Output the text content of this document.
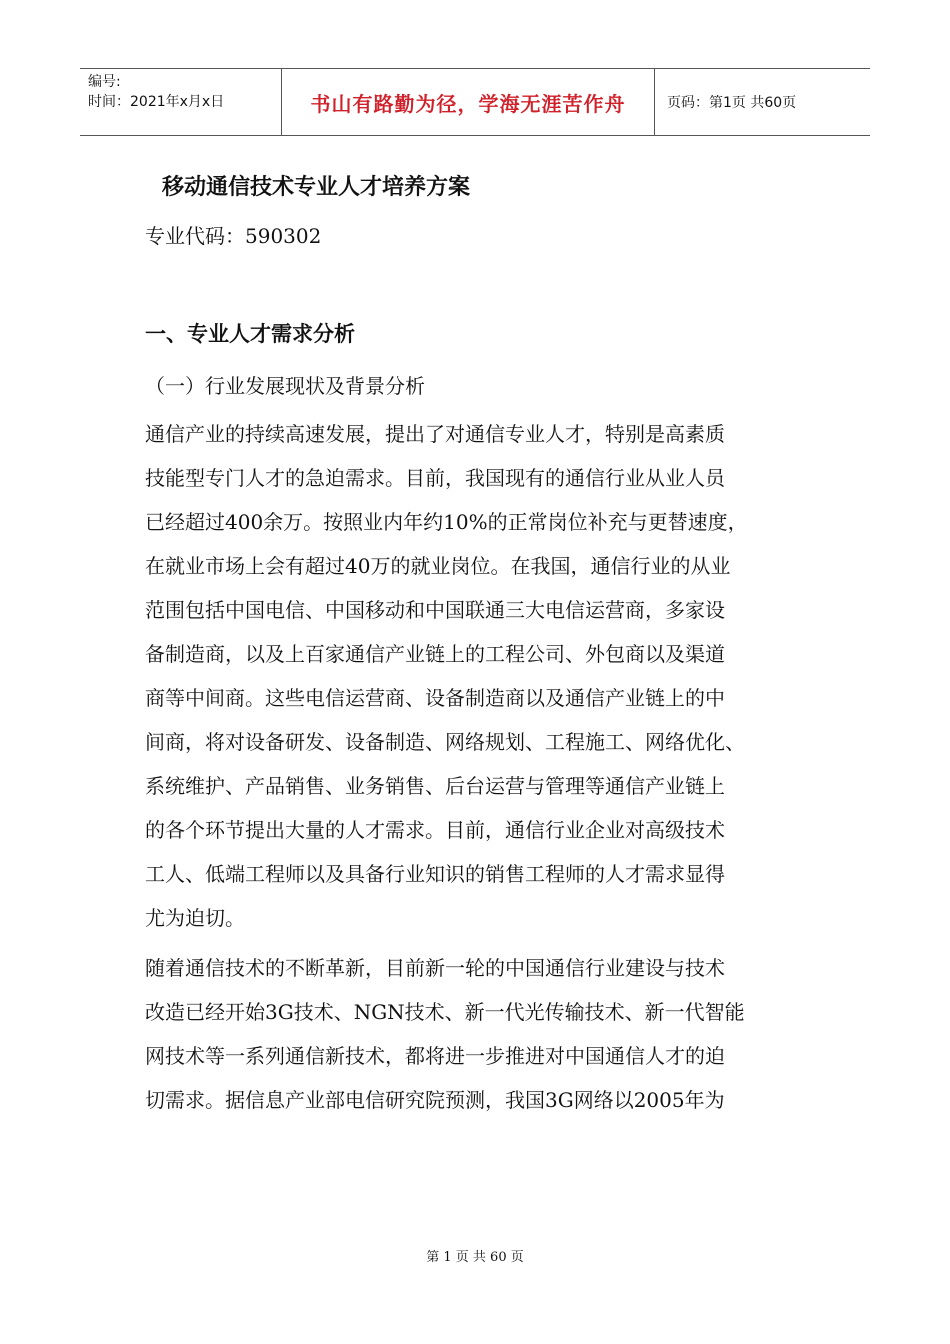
编号:
时间：2021年x月x日	书山有路勤为径，学海无涯苦作舟	页码：第1页 共60页
移动通信技术专业人才培养方案
专业代码：590302
一、专业人才需求分析
（一）行业发展现状及背景分析
通信产业的持续高速发展，提出了对通信专业人才，特别是高素质
技能型专门人才的急迫需求。目前，我国现有的通信行业从业人员
已经超过400余万。按照业内年约10%的正常岗位补充与更替速度，
在就业市场上会有超过40万的就业岗位。在我国，通信行业的从业
范围包括中国电信、中国移动和中国联通三大电信运营商，多家设
备制造商，以及上百家通信产业链上的工程公司、外包商以及渠道
商等中间商。这些电信运营商、设备制造商以及通信产业链上的中
间商，将对设备研发、设备制造、网络规划、工程施工、网络优化、
系统维护、产品销售、业务销售、后台运营与管理等通信产业链上
的各个环节提出大量的人才需求。目前，通信行业企业对高级技术
工人、低端工程师以及具备行业知识的销售工程师的人才需求显得
尤为迫切。
随着通信技术的不断革新，目前新一轮的中国通信行业建设与技术
改造已经开始3G技术、NGN技术、新一代光传输技术、新一代智能
网技术等一系列通信新技术，都将进一步推进对中国通信人才的迫
切需求。据信息产业部电信研究院预测，我国3G网络以2005年为
第 1 页 共 60 页
